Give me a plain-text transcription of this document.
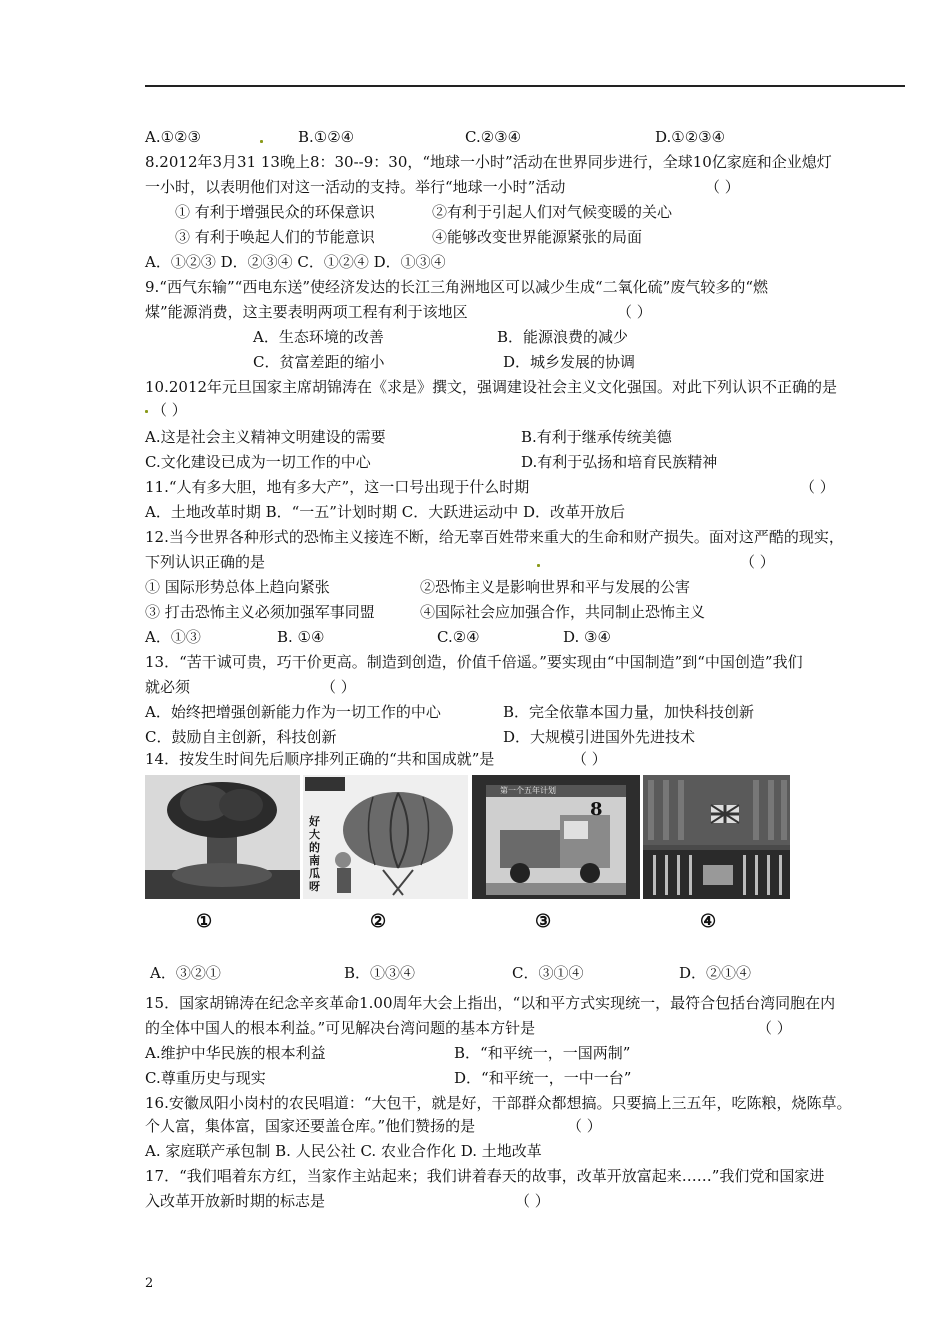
A.①②③	B.①②④	C.②③④	D.①②③④
8.2012年3月31 13晚上8：30--9：30，“地球一小时”活动在世界同步进行，全球10亿家庭和企业熄灯
一小时，以表明他们对这一活动的支持。举行“地球一小时”活动	（ ）
① 有利于增强民众的环保意识	②有利于引起人们对气候变暖的关心
③ 有利于唤起人们的节能意识	④能够改变世界能源紧张的局面
A．①②③ D．②③④ C．①②④ D．①③④
9.“西气东输”“西电东送”使经济发达的长江三角洲地区可以减少生成“二氧化硫”废气较多的“燃
煤”能源消费，这主要表明两项工程有利于该地区	（ ）
A．生态环境的改善	B．能源浪费的减少
C．贫富差距的缩小	D．城乡发展的协调
10.2012年元旦国家主席胡锦涛在《求是》撰文，强调建设社会主义文化强国。对此下列认识不正确的是
（ ）
A.这是社会主义精神文明建设的需要	B.有利于继承传统美德
C.文化建设已成为一切工作的中心	D.有利于弘扬和培育民族精神
11.“人有多大胆，地有多大产”，这一口号出现于什么时期	（ ）
A．土地改革时期 B．“一五”计划时期 C．大跃进运动中 D．改革开放后
12.当今世界各种形式的恐怖主义接连不断，给无辜百姓带来重大的生命和财产损失。面对这严酷的现实，
下列认识正确的是	（ ）
① 国际形势总体上趋向紧张	②恐怖主义是影响世界和平与发展的公害
③ 打击恐怖主义必须加强军事同盟	④国际社会应加强合作，共同制止恐怖主义
A．①③	B. ①④	C.②④	D. ③④
13．“苦干诚可贵，巧干价更高。制造到创造，价值千倍遥。”要实现由“中国制造”到“中国创造”我们
就必须	（ ）
A．始终把增强创新能力作为一切工作的中心	B．完全依靠本国力量，加快科技创新
C．鼓励自主创新，科技创新	D．大规模引进国外先进技术
14．按发生时间先后顺序排列正确的“共和国成就”是	（ ）
好大的南瓜呀
第一个五年计划
8
①	②	③	④
A．③②①	B．①③④	C．③①④	D．②①④
15．国家胡锦涛在纪念辛亥革命1.00周年大会上指出，“以和平方式实现统一，最符合包括台湾同胞在内
的全体中国人的根本利益。”可见解决台湾问题的基本方针是	（ ）
A.维护中华民族的根本利益	B．“和平统一，一国两制”
C.尊重历史与现实	D．“和平统一，一中一台”
16.安徽凤阳小岗村的农民唱道：“大包干，就是好，干部群众都想搞。只要搞上三五年，吃陈粮，烧陈草。
个人富，集体富，国家还要盖仓库。”他们赞扬的是	（ ）
A. 家庭联产承包制 B. 人民公社 C. 农业合作化 D. 土地改革
17．“我们唱着东方红，当家作主站起来；我们讲着春天的故事，改革开放富起来……”我们党和国家进
入改革开放新时期的标志是	（ ）
2
